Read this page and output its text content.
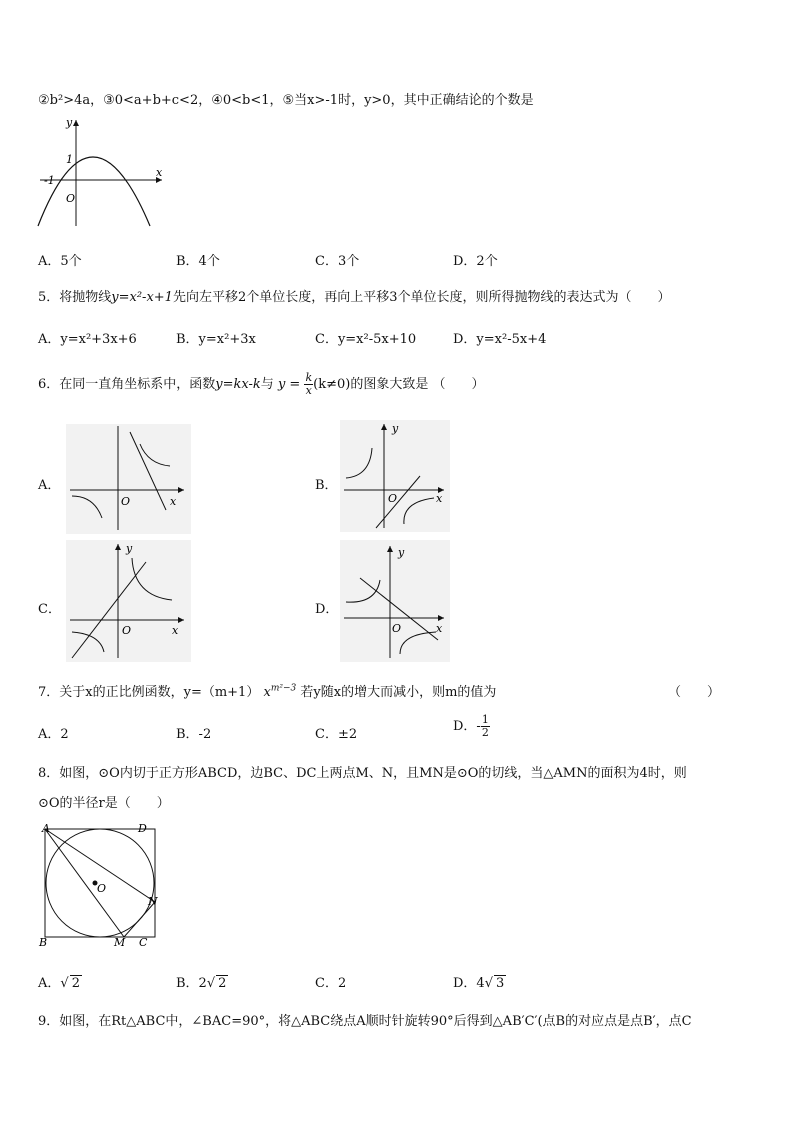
②b²>4a，③0<a+b+c<2，④0<b<1，⑤当x>-1时，y>0，其中正确结论的个数是
y
x
1
-1
O
A．5个	B．4个	C．3个	D．2个
5．将抛物线y=x²-x+1先向左平移2个单位长度，再向上平移3个单位长度，则所得抛物线的表达式为（　　）
A．y=x²+3x+6	B．y=x²+3x	C．y=x²-5x+10	D．y=x²-5x+4
6．在同一直角坐标系中，函数y=kx-k与 $y = \frac{k}{x} (k\ne 0)$的图象大致是 （　　）
A．
O	x
B．
y
O	x
C．
y
O	x
D．
y
O	x
7．关于x的正比例函数，y=（m+1） $x^{m^2-3}$ 若y随x的增大而减小，则m的值为	（　　）
A．2	B．-2	C．±2
D．- $\frac{1}{2}$
8．如图，⊙O内切于正方形ABCD，边BC、DC上两点M、N，且MN是⊙O的切线，当△AMN的面积为4时，则
⊙O的半径r是（　　）
A	D
B	M C
N
O
A．√ 2	B．2√ 2	C．2	D．4√ 3
9．如图，在Rt△ABC中，∠BAC=90°，将△ABC绕点A顺时针旋转90°后得到△AB′C′(点B的对应点是点B′，点C
